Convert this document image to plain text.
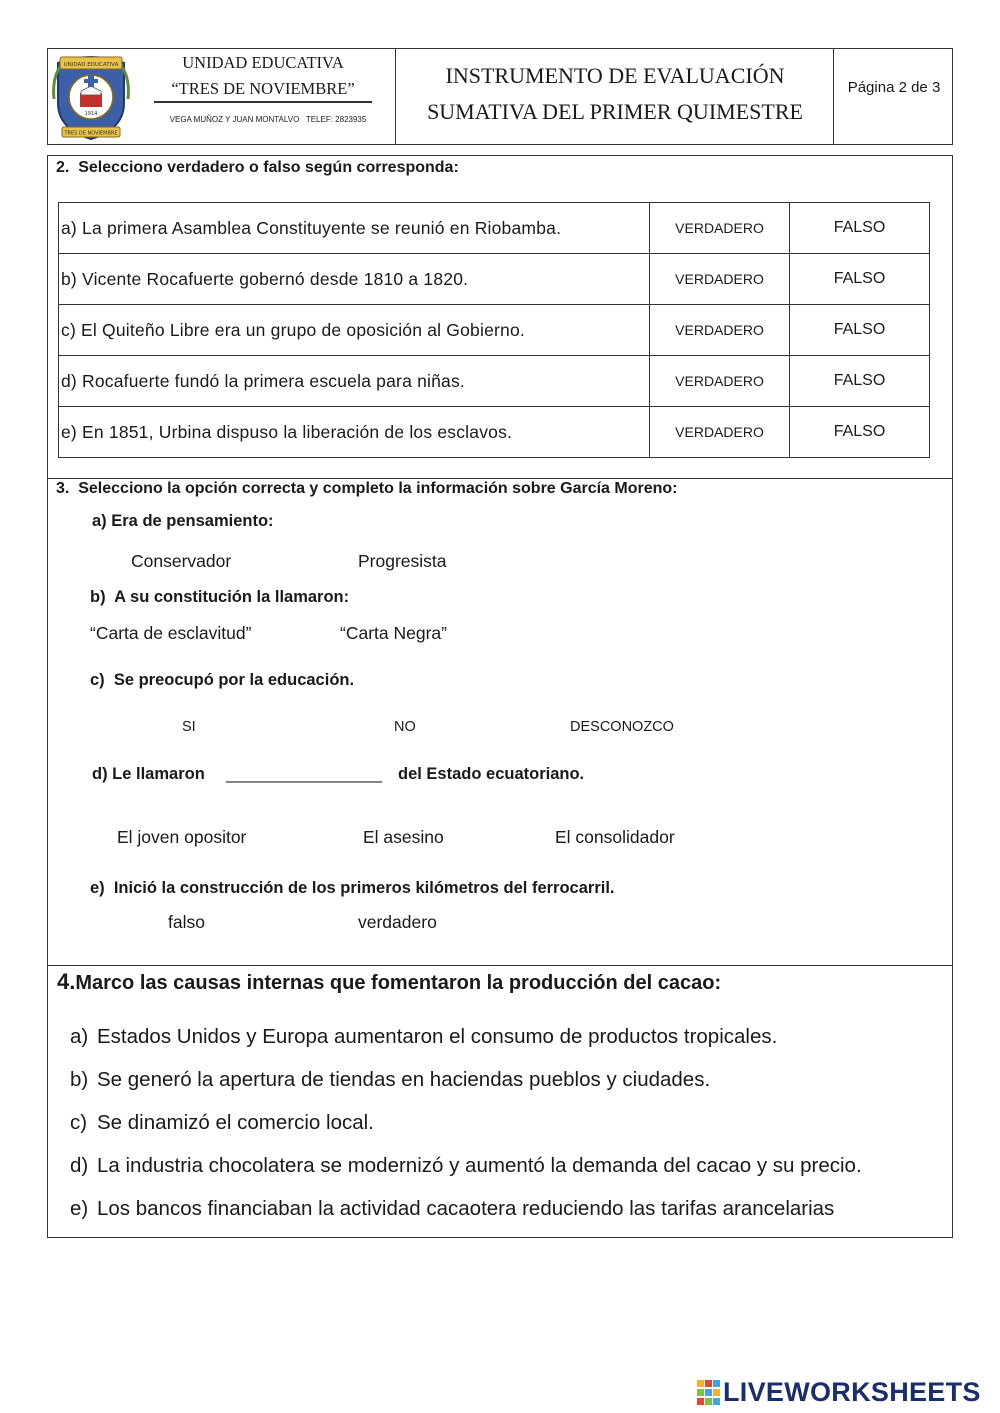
UNIDAD EDUCATIVA
1914
TRES DE NOVIEMBRE
UNIDAD EDUCATIVA
“TRES DE NOVIEMBRE”
VEGA MUÑOZ Y JUAN MONTALVO   TELEF: 2823935
INSTRUMENTO DE EVALUACIÓN
SUMATIVA DEL PRIMER QUIMESTRE
Página 2 de 3
2.  Selecciono verdadero o falso según corresponda:
a) La primera Asamblea Constituyente se reunió en Riobamba.	VERDADERO	FALSO
b) Vicente Rocafuerte gobernó desde 1810 a 1820.	VERDADERO	FALSO
c) El Quiteño Libre era un grupo de oposición al Gobierno.	VERDADERO	FALSO
d) Rocafuerte fundó la primera escuela para niñas.	VERDADERO	FALSO
e) En 1851, Urbina dispuso la liberación de los esclavos.	VERDADERO	FALSO
3.  Selecciono la opción correcta y completo la información sobre García Moreno:
a) Era de pensamiento:
Conservador	Progresista
b)  A su constitución la llamaron:
“Carta de esclavitud”	“Carta Negra”
c)  Se preocupó por la educación.
SI	NO	DESCONOZCO
d) Le llamaron _________________ del Estado ecuatoriano.
El joven opositor	El asesino	El consolidador
e)  Inició la construcción de los primeros kilómetros del ferrocarril.
falso	verdadero
4.Marco las causas internas que fomentaron la producción del cacao:
a) Estados Unidos y Europa aumentaron el consumo de productos tropicales.
b) Se generó la apertura de tiendas en haciendas pueblos y ciudades.
c) Se dinamizó el comercio local.
d) La industria chocolatera se modernizó y aumentó la demanda del cacao y su precio.
e) Los bancos financiaban la actividad cacaotera reduciendo las tarifas arancelarias
LIVEWORKSHEETS
